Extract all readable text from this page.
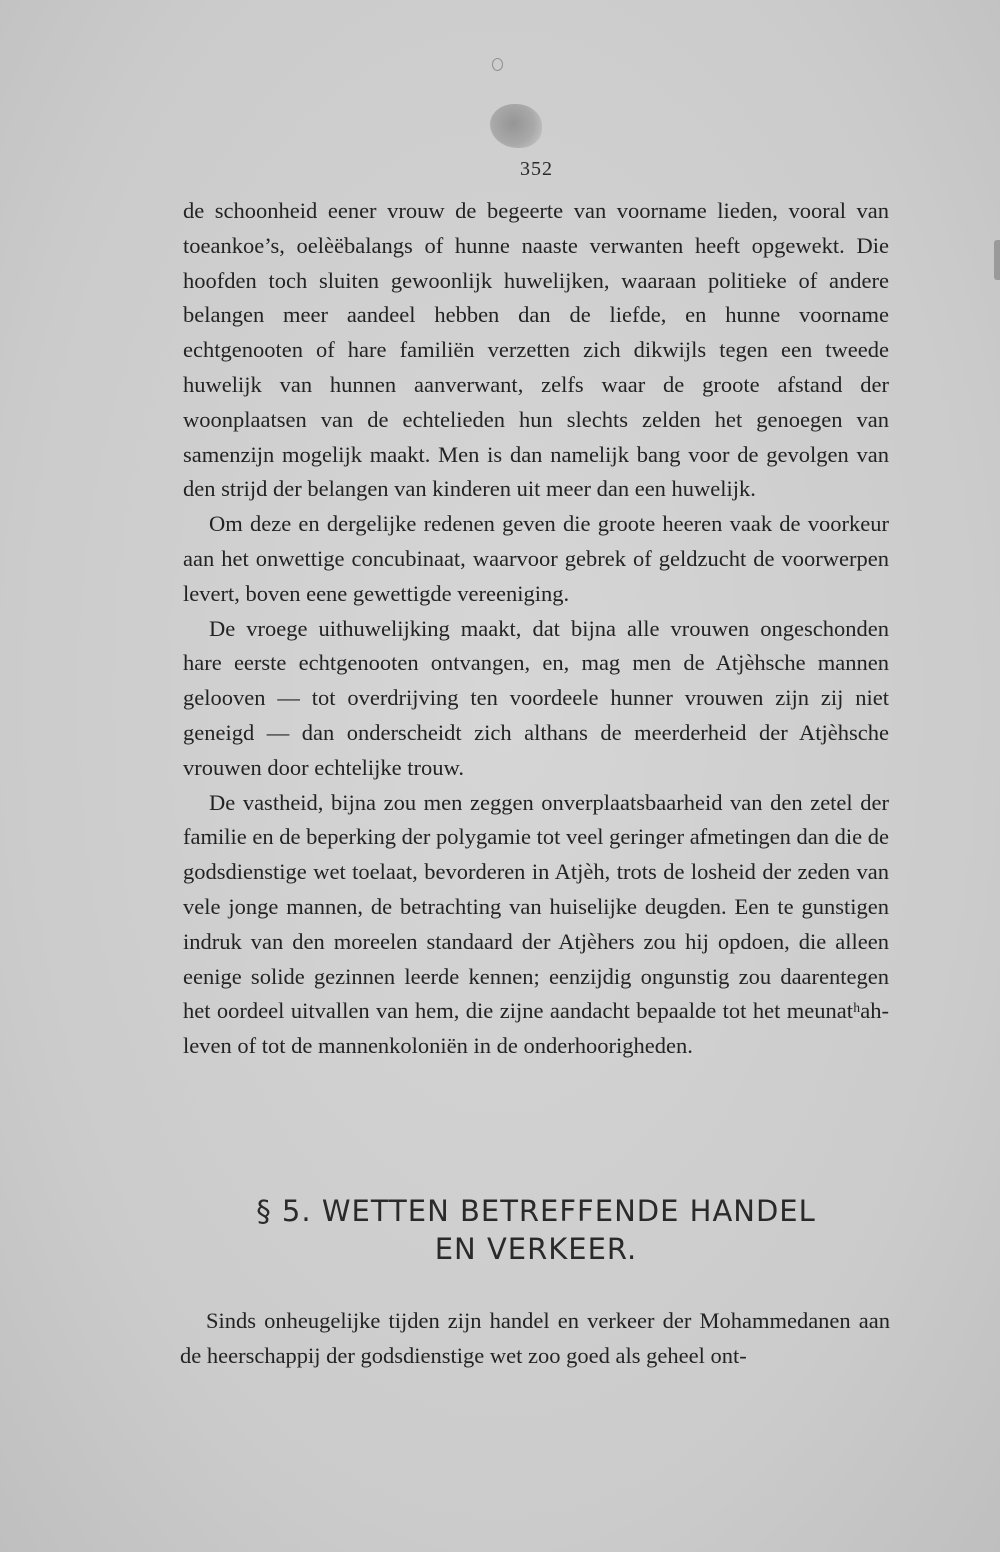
352

de schoonheid eener vrouw de begeerte van voorname lieden, vooral van toeankoe’s, oelèëbalangs of hunne naaste verwanten heeft opgewekt. Die hoofden toch sluiten gewoonlijk huwelijken, waaraan politieke of andere belangen meer aandeel hebben dan de liefde, en hunne voorname echtgenooten of hare familiën verzetten zich dikwijls tegen een tweede huwelijk van hunnen aanverwant, zelfs waar de groote afstand der woonplaatsen van de echtelieden hun slechts zelden het genoegen van samenzijn mogelijk maakt. Men is dan namelijk bang voor de gevolgen van den strijd der belangen van kinderen uit meer dan een huwelijk.

Om deze en dergelijke redenen geven die groote heeren vaak de voorkeur aan het onwettige concubinaat, waarvoor gebrek of geldzucht de voorwerpen levert, boven eene gewettigde vereeniging.

De vroege uithuwelijking maakt, dat bijna alle vrouwen ongeschonden hare eerste echtgenooten ontvangen, en, mag men de Atjèhsche mannen gelooven — tot overdrijving ten voordeele hunner vrouwen zijn zij niet geneigd — dan onderscheidt zich althans de meerderheid der Atjèhsche vrouwen door echtelijke trouw.

De vastheid, bijna zou men zeggen onverplaatsbaarheid van den zetel der familie en de beperking der polygamie tot veel geringer afmetingen dan die de godsdienstige wet toelaat, bevorderen in Atjèh, trots de losheid der zeden van vele jonge mannen, de betrachting van huiselijke deugden. Een te gunstigen indruk van den moreelen standaard der Atjèhers zou hij opdoen, die alleen eenige solide gezinnen leerde kennen; eenzijdig ongunstig zou daarentegen het oordeel uitvallen van hem, die zijne aandacht bepaalde tot het meunatʰah-leven of tot de mannenkoloniën in de onderhoorigheden.

§ 5. WETTEN BETREFFENDE HANDEL
EN VERKEER.

Sinds onheugelijke tijden zijn handel en verkeer der Mohammedanen aan de heerschappij der godsdienstige wet zoo goed als geheel ont-
